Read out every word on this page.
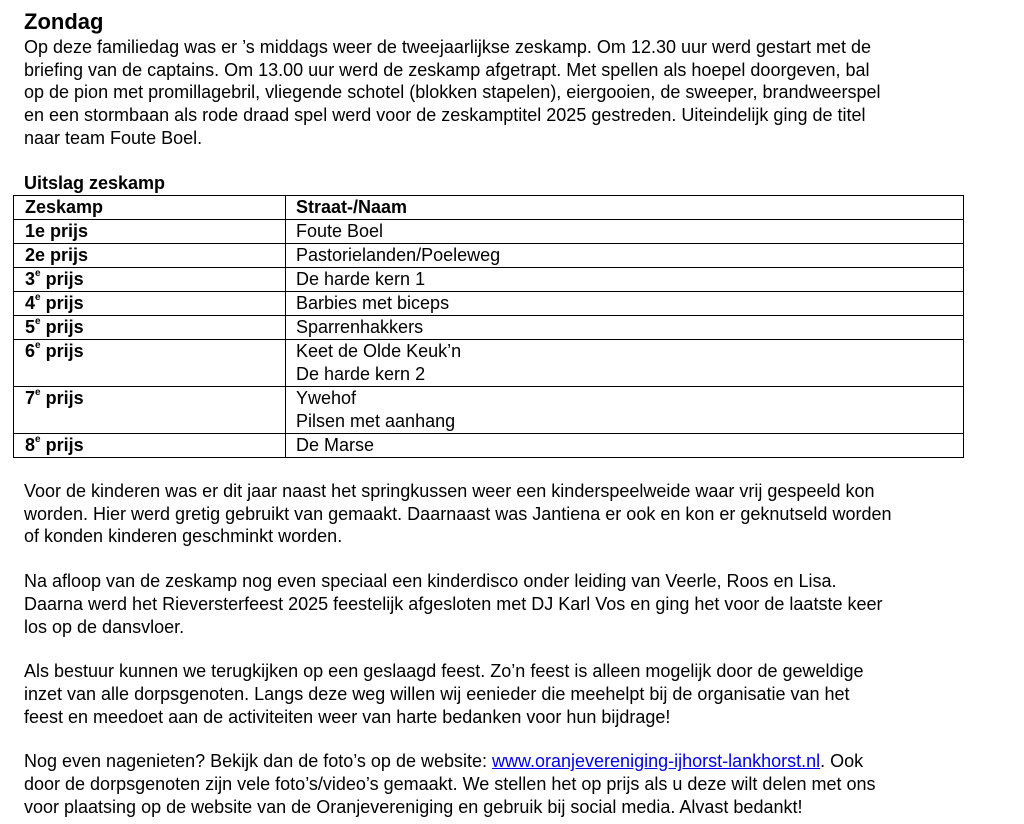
Zondag

Op deze familiedag was er ’s middags weer de tweejaarlijkse zeskamp. Om 12.30 uur werd gestart met de

briefing van de captains. Om 13.00 uur werd de zeskamp afgetrapt. Met spellen als hoepel doorgeven, bal

op de pion met promillagebril, vliegende schotel (blokken stapelen), eiergooien, de sweeper, brandweerspel

en een stormbaan als rode draad spel werd voor de zeskamptitel 2025 gestreden. Uiteindelijk ging de titel

naar team Foute Boel.

Uitslag zeskamp
Zeskamp	Straat-/Naam
1e prijs	Foute Boel

2e prijs	Pastorielanden/Poeleweg

3e prijs	De harde kern 1

4e prijs	Barbies met biceps

5e prijs	Sparrenhakkers

6e prijs	Keet de Olde Keuk’n
De harde kern 2

7e prijs	Ywehof
Pilsen met aanhang

8e prijs	De Marse

Voor de kinderen was er dit jaar naast het springkussen weer een kinderspeelweide waar vrij gespeeld kon

worden. Hier werd gretig gebruikt van gemaakt. Daarnaast was Jantiena er ook en kon er geknutseld worden

of konden kinderen geschminkt worden.

Na afloop van de zeskamp nog even speciaal een kinderdisco onder leiding van Veerle, Roos en Lisa.

Daarna werd het Rieversterfeest 2025 feestelijk afgesloten met DJ Karl Vos en ging het voor de laatste keer

los op de dansvloer.

Als bestuur kunnen we terugkijken op een geslaagd feest. Zo’n feest is alleen mogelijk door de geweldige

inzet van alle dorpsgenoten. Langs deze weg willen wij eenieder die meehelpt bij de organisatie van het

feest en meedoet aan de activiteiten weer van harte bedanken voor hun bijdrage!

Nog even nagenieten? Bekijk dan de foto’s op de website: www.oranjevereniging-ijhorst-lankhorst.nl. Ook

door de dorpsgenoten zijn vele foto’s/video’s gemaakt. We stellen het op prijs als u deze wilt delen met ons

voor plaatsing op de website van de Oranjevereniging en gebruik bij social media. Alvast bedankt!
